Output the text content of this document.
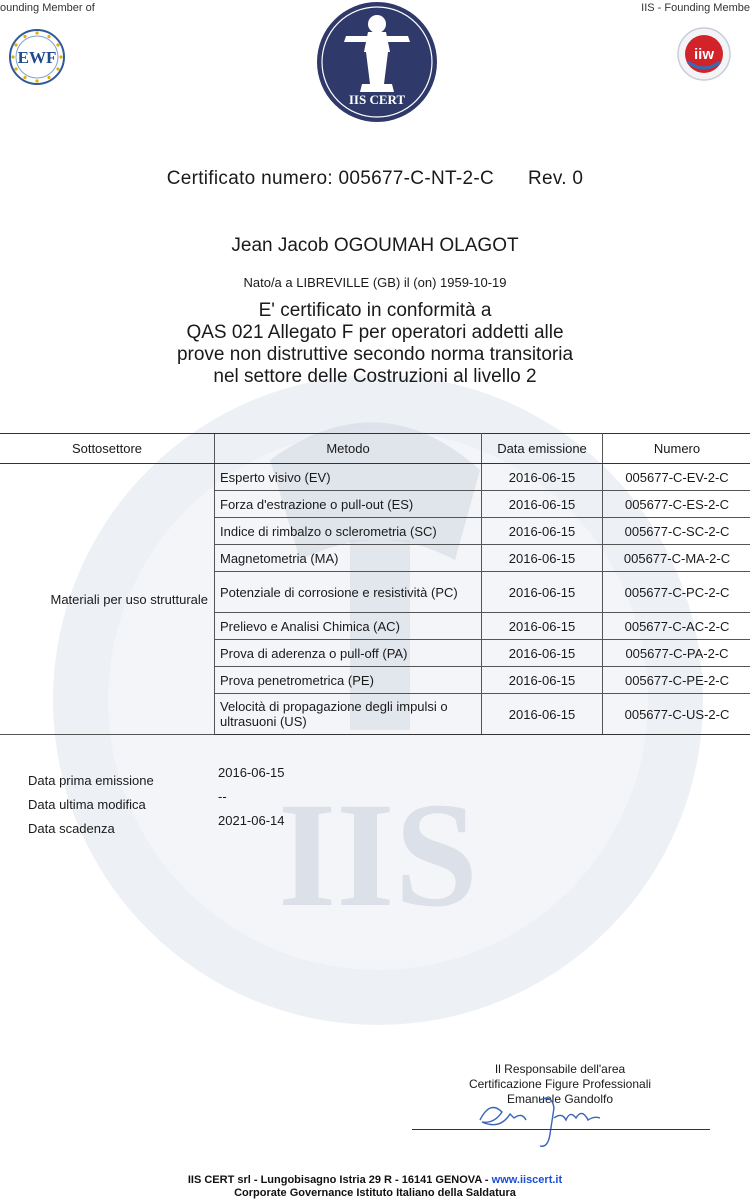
IIS
ounding Member of	IIS - Founding Membe
EWF	iiw
IIS CERT
Certificato numero: 005677-C-NT-2-C Rev. 0
Jean Jacob OGOUMAH OLAGOT
Nato/a a LIBREVILLE (GB) il (on) 1959-10-19
E' certificato in conformità a
QAS 021 Allegato F per operatori addetti alle
prove non distruttive secondo norma transitoria
nel settore delle Costruzioni al livello 2
Sottosettore	Metodo	Data emissione	Numero
Materiali per uso strutturale	Esperto visivo (EV)	2016-06-15	005677-C-EV-2-C
	Forza d'estrazione o pull-out (ES)	2016-06-15	005677-C-ES-2-C
	Indice di rimbalzo o sclerometria (SC)	2016-06-15	005677-C-SC-2-C
	Magnetometria (MA)	2016-06-15	005677-C-MA-2-C
	Potenziale di corrosione e resistività (PC)	2016-06-15	005677-C-PC-2-C
	Prelievo e Analisi Chimica (AC)	2016-06-15	005677-C-AC-2-C
	Prova di aderenza o pull-off (PA)	2016-06-15	005677-C-PA-2-C
	Prova penetrometrica (PE)	2016-06-15	005677-C-PE-2-C
	Velocità di propagazione degli impulsi o ultrasuoni (US)	2016-06-15	005677-C-US-2-C
Data prima emissione
2016-06-15
Data ultima modifica
--
Data scadenza
2021-06-14
Il Responsabile dell'area
Certificazione Figure Professionali
Emanuele Gandolfo
IIS CERT srl - Lungobisagno Istria 29 R - 16141 GENOVA - www.iiscert.it
Corporate Governance Istituto Italiano della Saldatura
